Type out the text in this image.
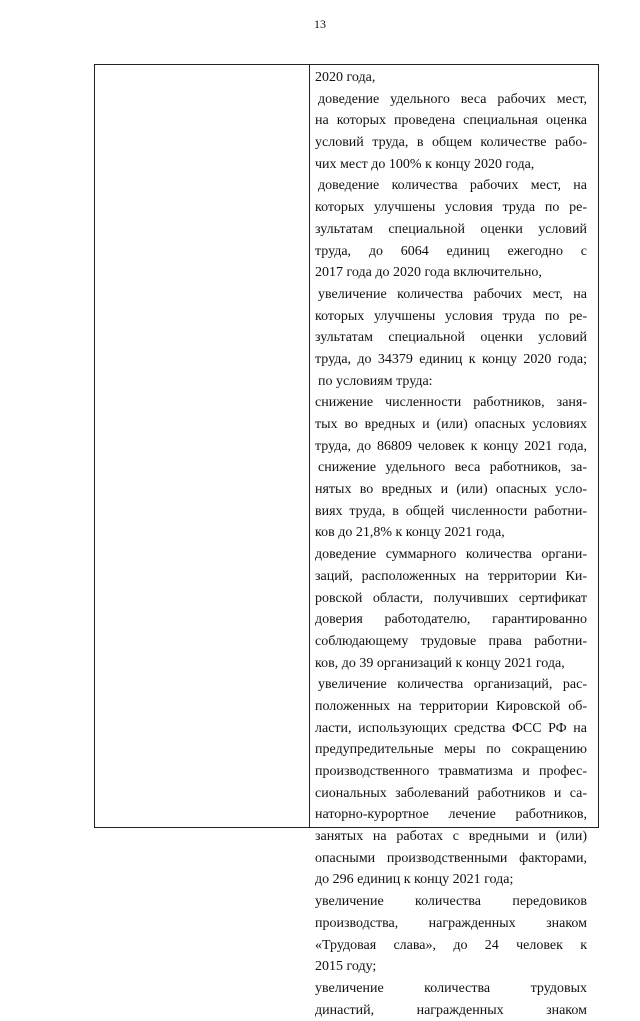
13
2020 года,
доведение удельного веса рабочих мест,
на которых проведена специальная оценка
условий труда, в общем количестве рабо-
чих мест до 100% к концу 2020 года,
доведение количества рабочих мест, на
которых улучшены условия труда по ре-
зультатам специальной оценки условий
труда, до 6064 единиц ежегодно с
2017 года до 2020 года включительно,
увеличение количества рабочих мест, на
которых улучшены условия труда по ре-
зультатам специальной оценки условий
труда, до 34379 единиц к концу 2020 года;
по условиям труда:
снижение численности работников, заня-
тых во вредных и (или) опасных условиях
труда, до 86809 человек к концу 2021 года,
снижение удельного веса работников, за-
нятых во вредных и (или) опасных усло-
виях труда, в общей численности работни-
ков до 21,8% к концу 2021 года,
доведение суммарного количества органи-
заций, расположенных на территории Ки-
ровской области, получивших сертификат
доверия работодателю, гарантированно
соблюдающему трудовые права работни-
ков, до 39 организаций к концу 2021 года,
увеличение количества организаций, рас-
положенных на территории Кировской об-
ласти, использующих средства ФСС РФ на
предупредительные меры по сокращению
производственного травматизма и профес-
сиональных заболеваний работников и са-
наторно-курортное лечение работников,
занятых на работах с вредными и (или)
опасными производственными факторами,
до 296 единиц к концу 2021 года;
увеличение количества передовиков
производства, награжденных знаком
«Трудовая слава», до 24 человек к
2015 году;
увеличение количества трудовых
династий, награжденных знаком
